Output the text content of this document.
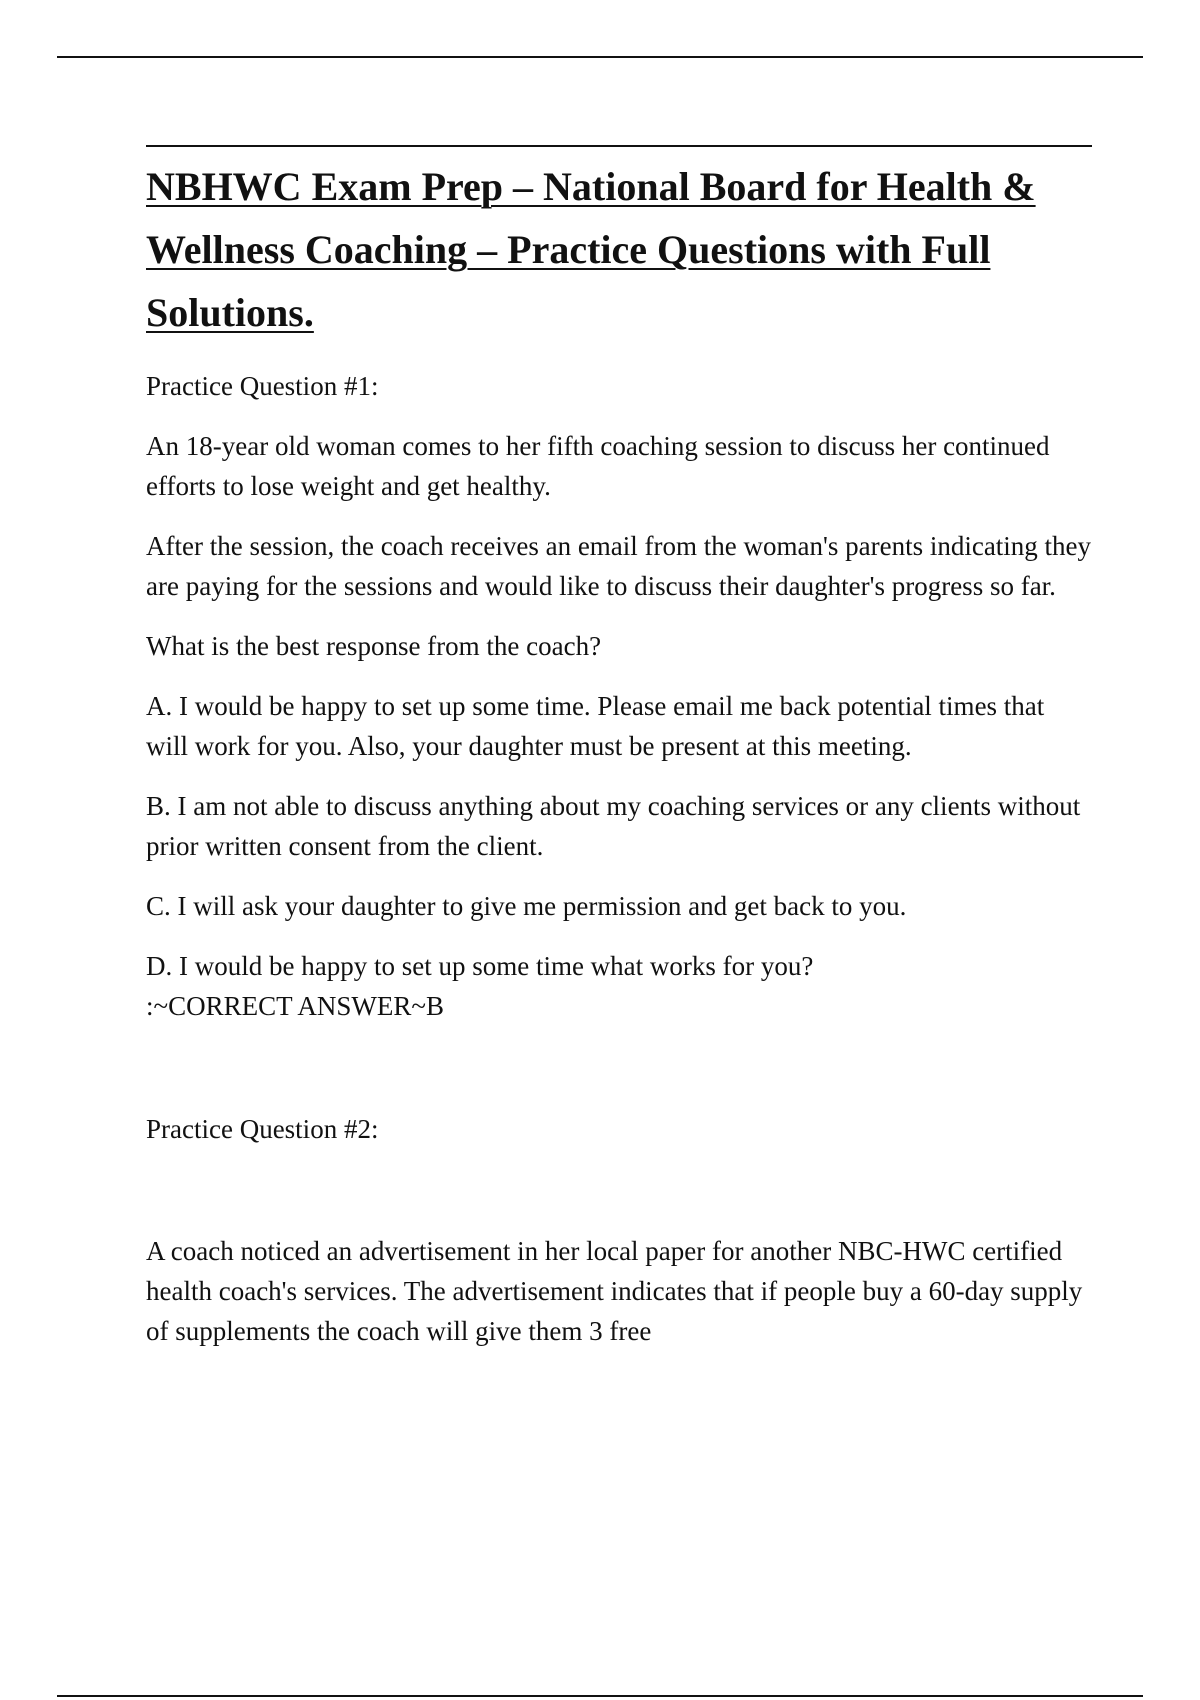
NBHWC Exam Prep – National Board for Health & Wellness Coaching – Practice Questions with Full Solutions.

Practice Question #1:

An 18-year old woman comes to her fifth coaching session to discuss her continued efforts to lose weight and get healthy.

After the session, the coach receives an email from the woman's parents indicating they are paying for the sessions and would like to discuss their daughter's progress so far.

What is the best response from the coach?

A. I would be happy to set up some time. Please email me back potential times that will work for you. Also, your daughter must be present at this meeting.

B. I am not able to discuss anything about my coaching services or any clients without prior written consent from the client.

C. I will ask your daughter to give me permission and get back to you.

D. I would be happy to set up some time what works for you?
:~CORRECT ANSWER~B

Practice Question #2:

A coach noticed an advertisement in her local paper for another NBC-HWC certified health coach's services. The advertisement indicates that if people buy a 60-day supply of supplements the coach will give them 3 free
